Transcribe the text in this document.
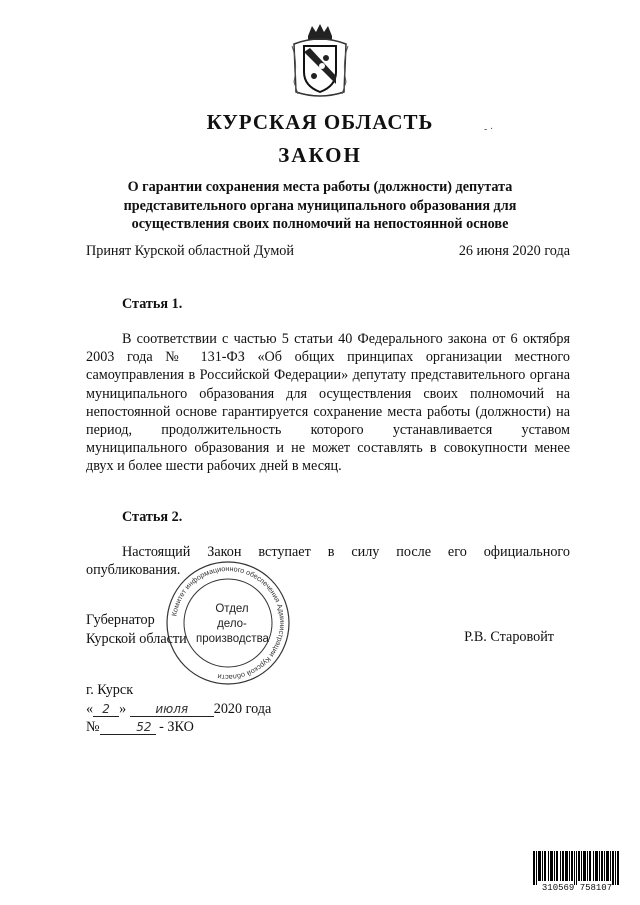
- ·
КУРСКАЯ ОБЛАСТЬ
ЗАКОН
О гарантии сохранения места работы (должности) депутата
представительного органа муниципального образования для
осуществления своих полномочий на непостоянной основе
Принят Курской областной Думой	26 июня 2020 года
Статья 1.
В соответствии с частью 5 статьи 40 Федерального закона от 6 октября 2003 года № 131-ФЗ «Об общих принципах организации местного самоуправления в Российской Федерации» депутату представительного органа муниципального образования для осуществления своих полномочий на непостоянной основе гарантируется сохранение места работы (должности) на период, продолжительность которого устанавливается уставом муниципального образования и не может составлять в совокупности менее двух и более шести рабочих дней в месяц.
Статья 2.
Настоящий Закон вступает в силу после его официального опубликования.
Комитет информационного обеспечения Администрации Курской области
Отдел
дело-
производства
Губернатор
Курской области	Р.В. Старовойт
г. Курск
« 2 » июля 2020 года
№	52 - ЗКО
310569 758107
